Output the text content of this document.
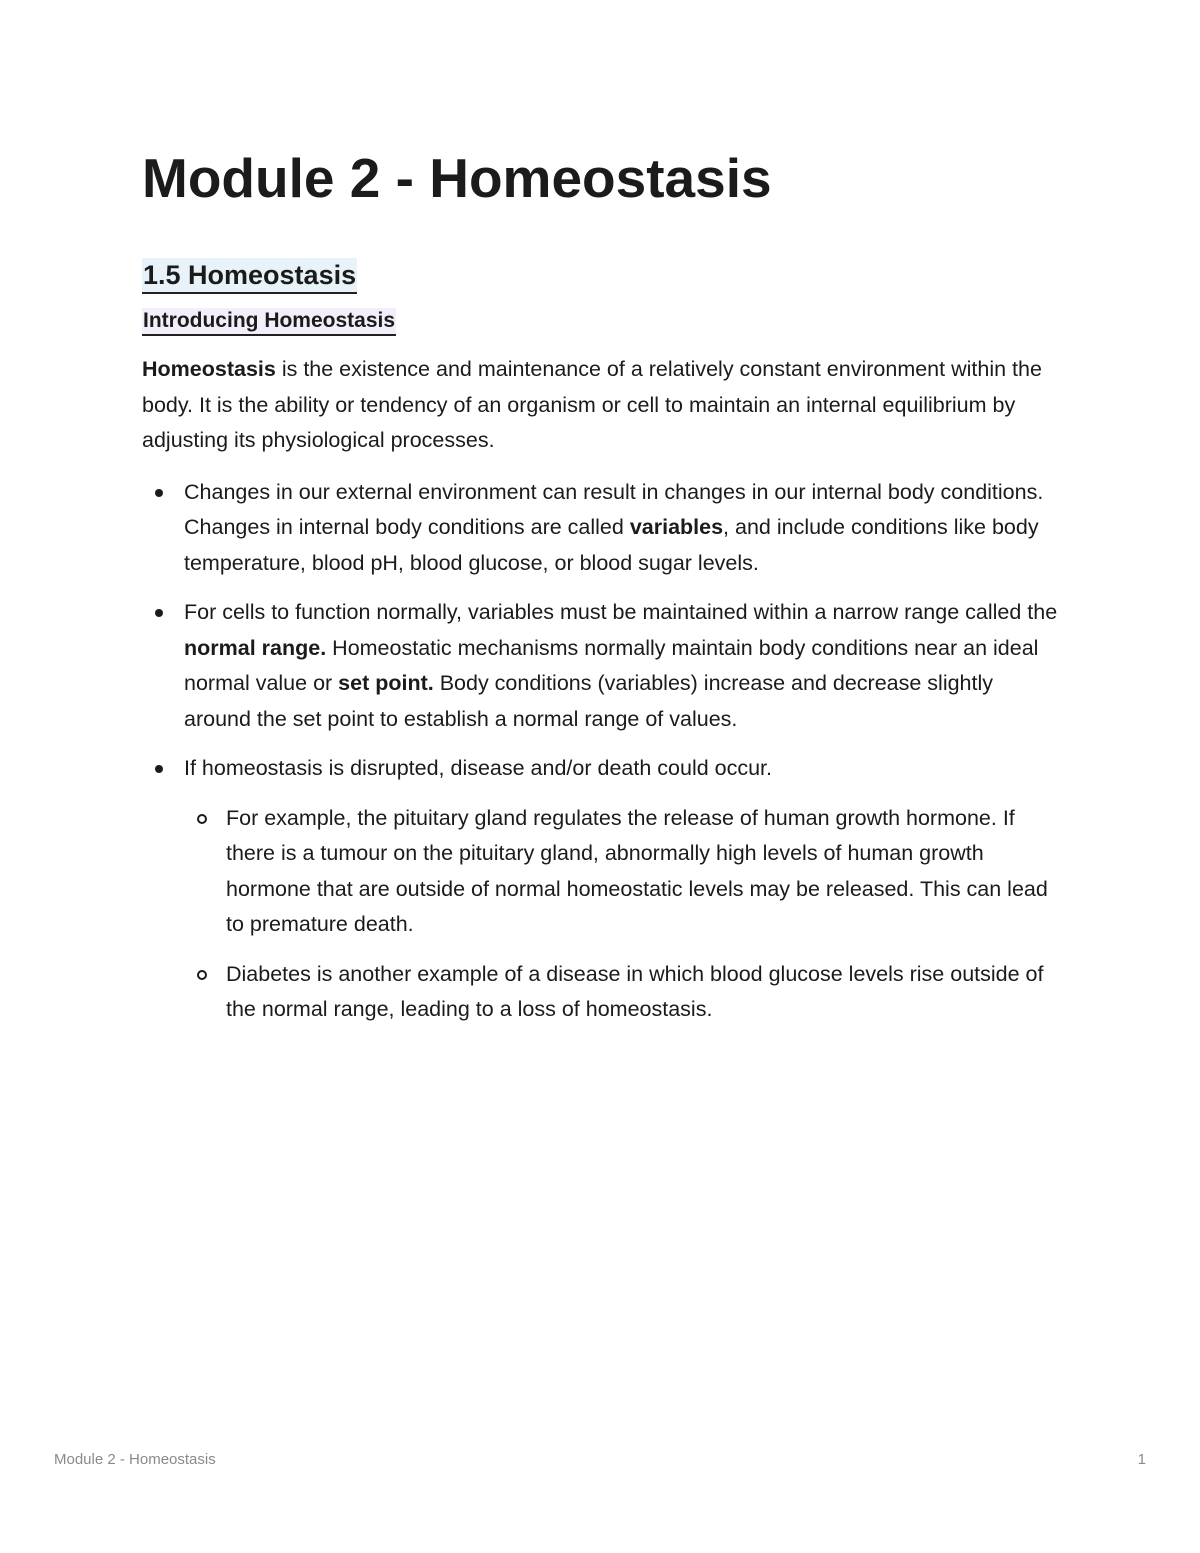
Module 2 - Homeostasis
1.5 Homeostasis
Introducing Homeostasis

Homeostasis is the existence and maintenance of a relatively constant environment within the body. It is the ability or tendency of an organism or cell to maintain an internal equilibrium by adjusting its physiological processes.

Changes in our external environment can result in changes in our internal body conditions. Changes in internal body conditions are called variables, and include conditions like body temperature, blood pH, blood glucose, or blood sugar levels.
For cells to function normally, variables must be maintained within a narrow range called the normal range. Homeostatic mechanisms normally maintain body conditions near an ideal normal value or set point. Body conditions (variables) increase and decrease slightly around the set point to establish a normal range of values.
If homeostasis is disrupted, disease and/or death could occur.
For example, the pituitary gland regulates the release of human growth hormone. If there is a tumour on the pituitary gland, abnormally high levels of human growth hormone that are outside of normal homeostatic levels may be released. This can lead to premature death.
Diabetes is another example of a disease in which blood glucose levels rise outside of the normal range, leading to a loss of homeostasis.
Module 2 - Homeostasis	1
